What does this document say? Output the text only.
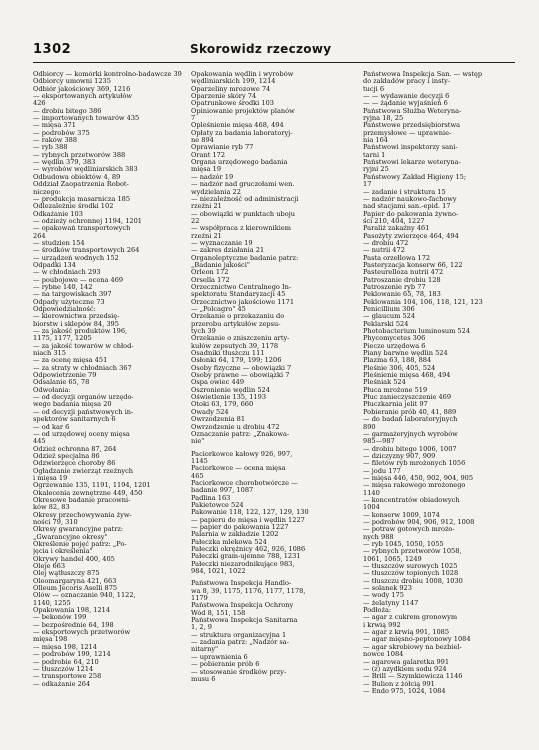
1302	Skorowidz rzeczowy
Odbiorcy — komórki kontrolno-badawcze 39
Odbiorcy umowni 1235
Odbiór jakościowy 369, 1216
— eksportowanych artykułów
426
— drobiu bitego 386
— importowanych towarów 435
— mięsa 371
— podrobów 375
— raków 388
— ryb 388
— rybnych przetworów 388
— wędlin 379, 383
— wyrobów wędliniarskich 383
Odbudowa obiektów 4, 89
Oddział Zaopatrzenia Robot-
niczego:
— produkcja masarnicza 185
Odlezależnie środki 102
Odkażanie 103
— odzieży ochronnej 1194, 1201
— opakowań transportowych
264
— studzien 154
— środków transportowych 264
— urządzeń wodnych 152
Odpadki 134
— w chłodniach 293
— poubojowe — ocena 469
— rybne 140, 142
— na targowiskach 397
Odpady użyteczne 73
Odpowiedzialność:
— kierownictwa przedsię-
biorstw i sklepów 84, 395
— za jakość produktów 196,
1175, 1177, 1205
— za jakość towarów w chłod-
niach 315
— za ocenę mięsa 451
— za straty w chłodniach 367
Odpowietrzenie 79
Odsalanie 65, 78
Odwołania:
— od decyzji organów urzędo-
wego badania mięsa 20
— od decyzji państwowych in-
spektorów sanitarnych 6
— od kar 6
— od urzędowej oceny mięsa
445
Odzież ochronna 87, 264
Odzież specjalna 86
Odzwierzęce choroby 86
Ogładzanie zwierząt rzeźnych
i mięsa 19
Ogrzewanie 135, 1191, 1194, 1201
Okalecenia zewnętrzne 449, 450
Okresowe badanie pracowni-
ków 82, 83
Okresy przechowywania żyw-
ności 79, 310
Okresy gwarancyjne patrz:
„Gwarancyjne okresy"
Określenie pojęć patrz: „Po-
jęcia i określenia"
Okrywy handel 400, 405
Oleje 663
Olej wątłuszczy 875
Oleomargaryna 421, 663
Olleum Jecoris Aselli 875
Olów — oznaczanie 940, 1122,
1140, 1255
Opakowania 198, 1214
— bekonów 199
— bezpośrednie 64, 198
— eksportowych przetworów
mięsa 198
— mięsa 198, 1214
— podrobów 199, 1214
— podrobie 64, 210
— tłuszczów 1214
— transportowe 258
— odkażanie 264
Opakowania wędlin i wyrobów
wędliniarskich 199, 1214
Oparzeliny mrozowe 74
Oparzenie skóry 74
Opatrunkowe środki 103
Opiniowanie projektów planów
7
Opleśnienie mięsa 468, 494
Opłaty za badania laboratoryj-
ne 894
Oprawianie ryb 77
Orant 172
Organa urzędowego badania
mięsa 19
— nadzór 19
— nadzór nad gruczołami wen.
wydzielania 22
— niezależność od administracji
rzeźni 21
— obowiązki w punktach uboju
22
— współpraca z kierownikiem
rzeźni 21
— wyznaczanie 19
— zakres działania 21
Organoleptyczne badanie patrz:
„Badanie jakości"
Orleon 172
Orsella 172
Orzecznictwo Centralnego In-
spektoratu Standaryzacji 45
Orzecznictwo jakościowe 1171
— „Polcagro" 45
Orzekanie o przekazaniu do
przerobu artykułów zepsu-
tych 39
Orzekanie o zniszczeniu arty-
kułów zepsutych 39, 1178
Osadniki tłuszczu 111
Osłonki 64, 179, 199; 1206
Osoby fizyczne — obowiązki 7
Osoby prawne — obowiązki 7
Ospa owiec 449
Oszronienie wędlin 524
Oświetlenie 135, 1193
Otoki 63, 179, 660
Owady 524
Owrzodzenia 81
Owrzodzenie u drobiu 472
Oznaczanie patrz: „Znakowa-
nie"
Paciorkowce kałowy 926, 997,
1145
Paciorkowce — ocena mięsa
465
Paciorkowce chorobotwórcze —
badanie 997, 1087
Padlina 163
Pakietowce 524
Pakowanie 118, 122, 127, 129, 130
— papieru do mięsa i wędlin 1227
— papier do pakowania 1227
Palarnia w zakładzie 1202
Pałeczka mlekowa 524
Pałeczki okrężnicy 462, 926, 1086
Pałeczki gram-ujemne 788, 1231
Pałeczki niezarodnikujące 983,
984, 1021, 1022
Państwowa Inspekcja Handlo-
wa 8, 39, 1175, 1176, 1177, 1178,
1179
Państwowa Inspekcja Ochrony
Wód 8, 151, 158
Państwowa Inspekcja Sanitarna
1, 2, 9
— struktura organizacyjna 1
— zadania patrz: „Nadzór sa-
nitarny"
— uprawnienia 6
— pobieranie prób 6
— stosowanie środków przy-
musu 6
Państwowa Inspekcja San. — wstęp
do zakładów pracy i insty-
tucji 6
— — wydawanie decyzji 6
— — żądanie wyjaśnień 6
Państwowa Służba Weteryna-
ryjna 18, 25
Państwowe przedsiębiorstwa
przemysłowe — uprawnie-
nia 164
Państwowi inspektorzy sani-
tarni 1
Państwowi lekarze weteryna-
ryjni 25
Państwowy Zakład Higieny 15;
17
— zadanie i struktura 15
— nadzór naukowo-fachowy
nad stacjami san.-epid. 17
Papier do pakowania żywno-
ści 210, 404, 1227
Paraliż zakaźny 461
Pasożyty zwierzęce 464, 494
— drobiu 472
— nutrii 472
Pasta orzełlowa 172
Pasteryzacja konserw 66, 122
Pasteurelloza nutrii 472
Patroszanie drobiu 128
Patroszenie ryb 77
Peklowanie 65, 78, 183
Peklowania 104, 106, 118, 121, 123
Penicillium 306
— glaucum 524
Peklarski 524
Photobacterium luminosum 524
Phycomycetes 306
Piecze urzędowa 6
Piany barwne wędlin 524
Plazma 63, 188, 884
Pleśnie 306, 405, 524
Pleśnienie mięsa 468, 494
Pleśniak 524
Płuca mrożone 519
Płuc zanieczyszczenie 469
Płuczkarnia jelit 97
Pobieranie prób 40, 41, 889
— do badań laboratoryjnych
890
— garmażeryjnych wyrobów
985—987
— drobiu bitego 1006, 1007
— dziczyzny 907, 909
— filetów ryb mrożonych 1056
— jodu 177
— mięsa 446, 450, 902, 904, 905
— mięsa rakowego mrożonego
1140
— koncentratów obiadowych
1004
— konserw 1009, 1074
— podrobów 904, 906, 912, 1008
— potraw gotowych mrożo-
nych 988
— ryb 1045, 1050, 1055
— rybnych przetworów 1058,
1061, 1065, 1249
— tłuszczów surowych 1025
— tłuszczów topionych 1028
— tłuszczu drobiu 1008, 1030
— solanek 923
— wody 175
— żelatyny 1147
Podłoża:
— agar z cukrem gronowym
i krwią 992
— agar z krwią 991, 1085
— agar mięsno-peptonowy 1084
— agar skrobiowy na bezbiel-
nowce 1084
— agarowa galaretka 991
— (z) azydkiem sodu 924
— Brill — Szymkiewicza 1146
— Bulion z żółcią 991
— Endo 975, 1024, 1084
